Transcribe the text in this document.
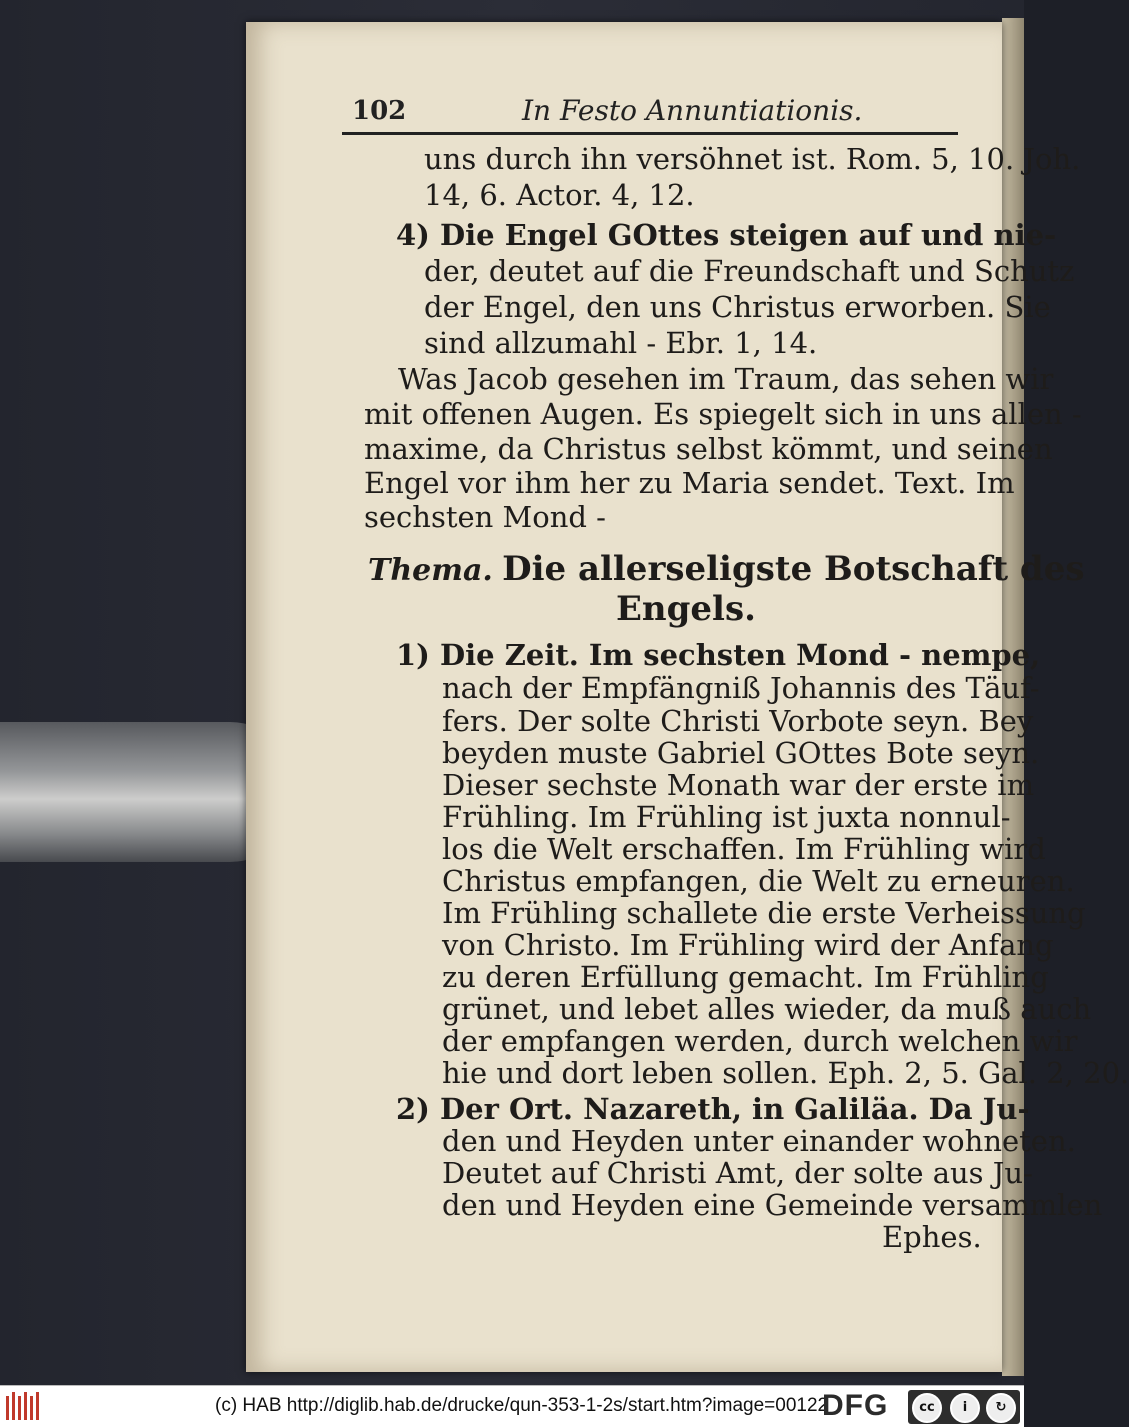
102	In Festo Annuntiationis.
uns durch ihn versöhnet ist. Rom. 5, 10. Joh.
14, 6. Actor. 4, 12.
4) Die Engel GOttes steigen auf und nie-
der, deutet auf die Freundschaft und Schutz
der Engel, den uns Christus erworben. Sie
sind allzumahl - Ebr. 1, 14.
Was Jacob gesehen im Traum, das sehen wir
mit offenen Augen. Es spiegelt sich in uns allen -
maxime, da Christus selbst kömmt, und seinen
Engel vor ihm her zu Maria sendet. Text. Im
sechsten Mond -
Thema. Die allerseligste Botschaft des
Engels.
1) Die Zeit. Im sechsten Mond - nempe,
nach der Empfängniß Johannis des Täuf-
fers. Der solte Christi Vorbote seyn. Bey
beyden muste Gabriel GOttes Bote seyn.
Dieser sechste Monath war der erste im
Frühling. Im Frühling ist juxta nonnul-
los die Welt erschaffen. Im Frühling wird
Christus empfangen, die Welt zu erneuren.
Im Frühling schallete die erste Verheissung
von Christo. Im Frühling wird der Anfang
zu deren Erfüllung gemacht. Im Frühling
grünet, und lebet alles wieder, da muß auch
der empfangen werden, durch welchen wir
hie und dort leben sollen. Eph. 2, 5. Gal. 2, 20.
2) Der Ort. Nazareth, in Galiläa. Da Ju-
den und Heyden unter einander wohneten.
Deutet auf Christi Amt, der solte aus Ju-
den und Heyden eine Gemeinde versammlen
Ephes.
(c) HAB http://diglib.hab.de/drucke/qun-353-1-2s/start.htm?image=00122
DFG	cc	i	↻
